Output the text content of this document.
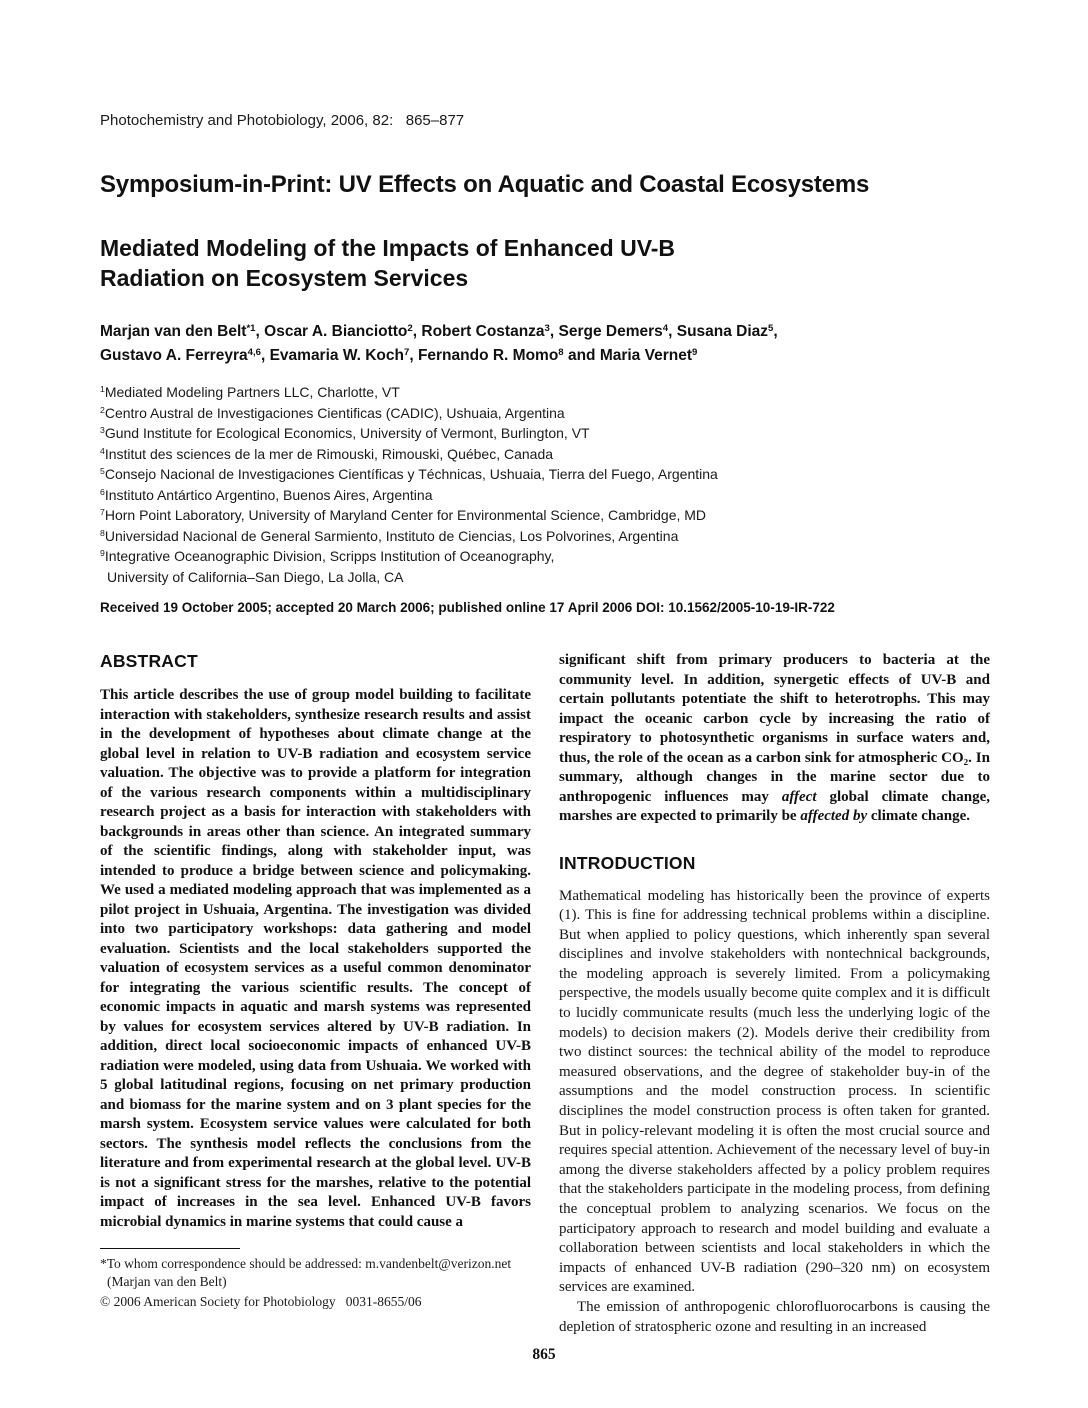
Photochemistry and Photobiology, 2006, 82:   865–877
Symposium-in-Print: UV Effects on Aquatic and Coastal Ecosystems
Mediated Modeling of the Impacts of Enhanced UV-B
Radiation on Ecosystem Services
Marjan van den Belt$^{*1}$, Oscar A. Bianciotto$^2$, Robert Costanza$^3$, Serge Demers$^4$, Susana Diaz$^5$,
Gustavo A. Ferreyra$^{4,6}$, Evamaria W. Koch$^7$, Fernando R. Momo$^8$ and Maria Vernet$^9$
$^1$Mediated Modeling Partners LLC, Charlotte, VT
$^2$Centro Austral de Investigaciones Cientificas (CADIC), Ushuaia, Argentina
$^3$Gund Institute for Ecological Economics, University of Vermont, Burlington, VT
$^4$Institut des sciences de la mer de Rimouski, Rimouski, Québec, Canada
$^5$Consejo Nacional de Investigaciones Científicas y Téchnicas, Ushuaia, Tierra del Fuego, Argentina
$^6$Instituto Antártico Argentino, Buenos Aires, Argentina
$^7$Horn Point Laboratory, University of Maryland Center for Environmental Science, Cambridge, MD
$^8$Universidad Nacional de General Sarmiento, Instituto de Ciencias, Los Polvorines, Argentina
$^9$Integrative Oceanographic Division, Scripps Institution of Oceanography,
University of California–San Diego, La Jolla, CA
Received 19 October 2005; accepted 20 March 2006; published online 17 April 2006 DOI: 10.1562/2005-10-19-IR-722
ABSTRACT

This article describes the use of group model building to facilitate interaction with stakeholders, synthesize research results and assist in the development of hypotheses about climate change at the global level in relation to UV-B radiation and ecosystem service valuation. The objective was to provide a platform for integration of the various research components within a multidisciplinary research project as a basis for interaction with stakeholders with backgrounds in areas other than science. An integrated summary of the scientific findings, along with stakeholder input, was intended to produce a bridge between science and policymaking. We used a mediated modeling approach that was implemented as a pilot project in Ushuaia, Argentina. The investigation was divided into two participatory workshops: data gathering and model evaluation. Scientists and the local stakeholders supported the valuation of ecosystem services as a useful common denominator for integrating the various scientific results. The concept of economic impacts in aquatic and marsh systems was represented by values for ecosystem services altered by UV-B radiation. In addition, direct local socioeconomic impacts of enhanced UV-B radiation were modeled, using data from Ushuaia. We worked with 5 global latitudinal regions, focusing on net primary production and biomass for the marine system and on 3 plant species for the marsh system. Ecosystem service values were calculated for both sectors. The synthesis model reflects the conclusions from the literature and from experimental research at the global level. UV-B is not a significant stress for the marshes, relative to the potential impact of increases in the sea level. Enhanced UV-B favors microbial dynamics in marine systems that could cause a

*To whom correspondence should be addressed: m.vandenbelt@verizon.net
(Marjan van den Belt)
© 2006 American Society for Photobiology   0031-8655/06

significant shift from primary producers to bacteria at the community level. In addition, synergetic effects of UV-B and certain pollutants potentiate the shift to heterotrophs. This may impact the oceanic carbon cycle by increasing the ratio of respiratory to photosynthetic organisms in surface waters and, thus, the role of the ocean as a carbon sink for atmospheric CO₂. In summary, although changes in the marine sector due to anthropogenic influences may affect global climate change, marshes are expected to primarily be affected by climate change.

INTRODUCTION

Mathematical modeling has historically been the province of experts (1). This is fine for addressing technical problems within a discipline. But when applied to policy questions, which inherently span several disciplines and involve stakeholders with nontechnical backgrounds, the modeling approach is severely limited. From a policymaking perspective, the models usually become quite complex and it is difficult to lucidly communicate results (much less the underlying logic of the models) to decision makers (2). Models derive their credibility from two distinct sources: the technical ability of the model to reproduce measured observations, and the degree of stakeholder buy-in of the assumptions and the model construction process. In scientific disciplines the model construction process is often taken for granted. But in policy-relevant modeling it is often the most crucial source and requires special attention. Achievement of the necessary level of buy-in among the diverse stakeholders affected by a policy problem requires that the stakeholders participate in the modeling process, from defining the conceptual problem to analyzing scenarios. We focus on the participatory approach to research and model building and evaluate a collaboration between scientists and local stakeholders in which the impacts of enhanced UV-B radiation (290–320 nm) on ecosystem services are examined.

The emission of anthropogenic chlorofluorocarbons is causing the depletion of stratospheric ozone and resulting in an increased

865
